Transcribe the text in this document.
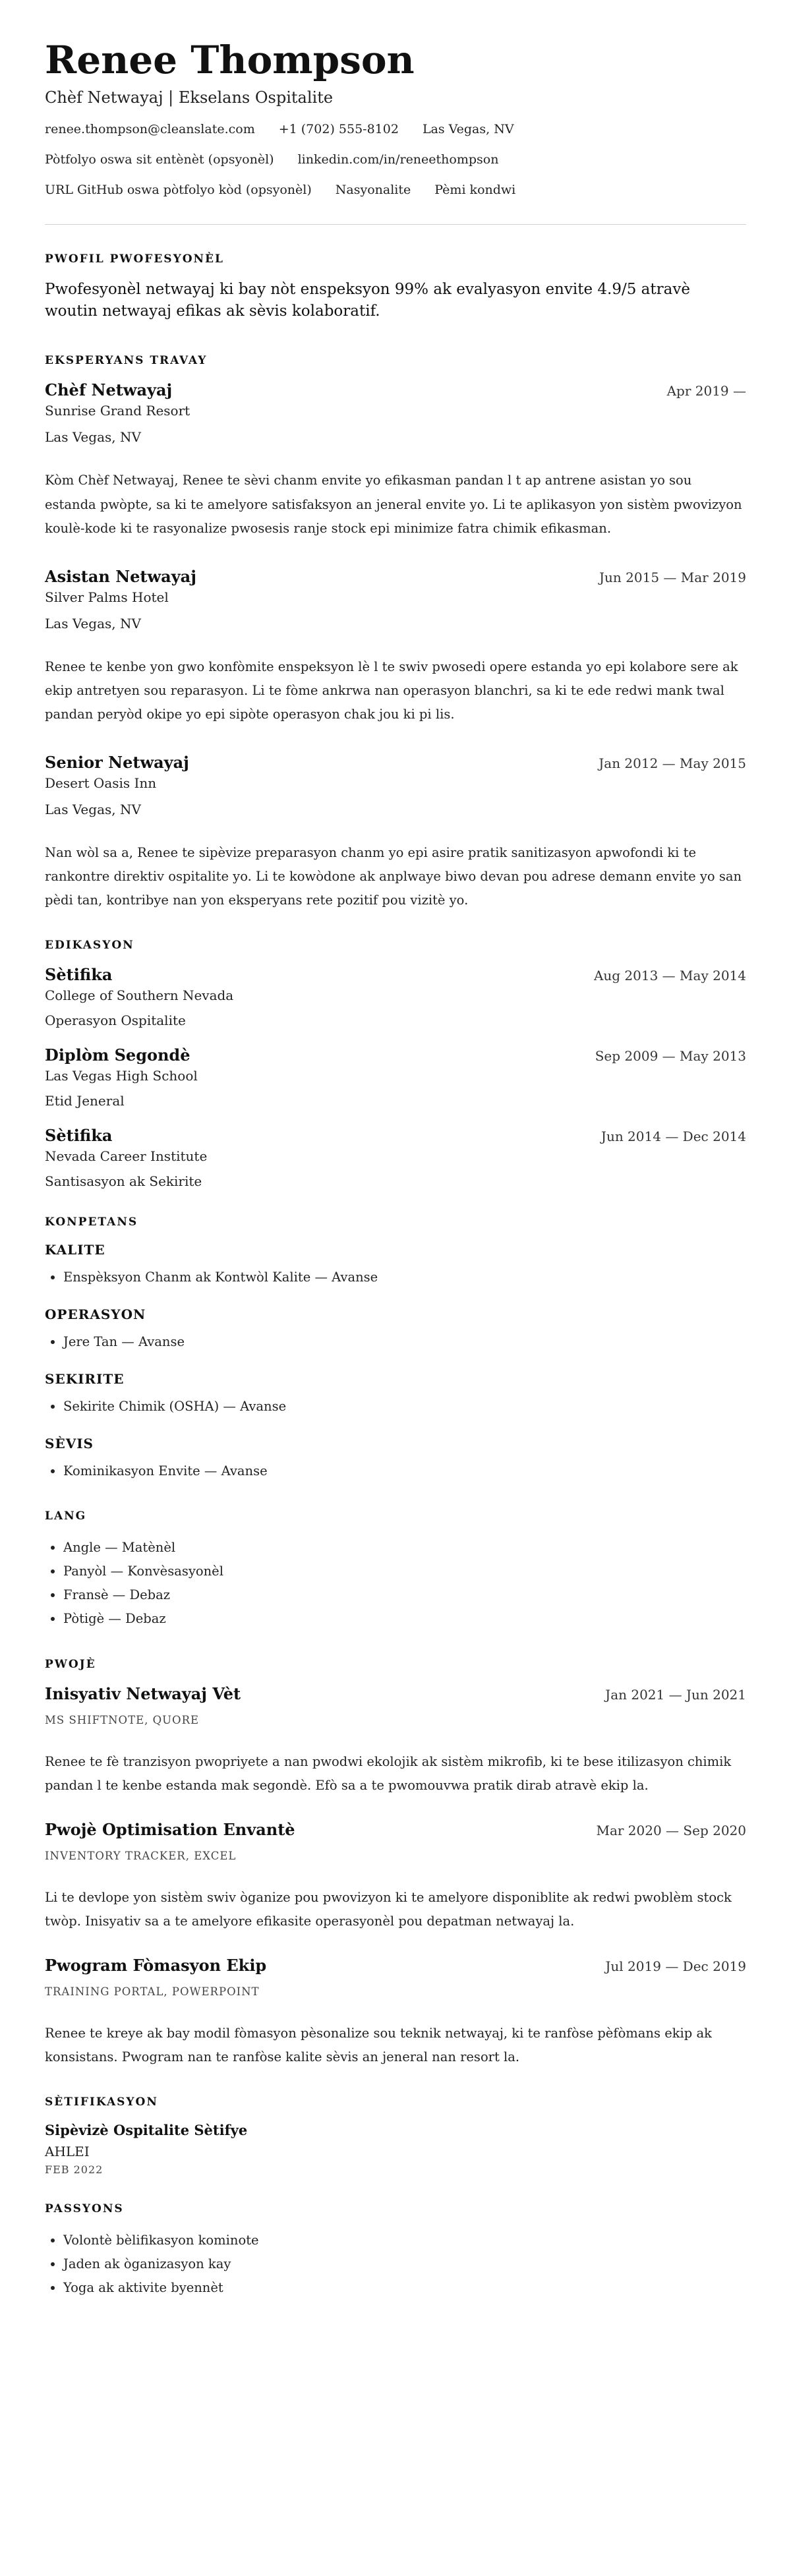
Renee Thompson
Chèf Netwayaj | Ekselans Ospitalite
renee.thompson@cleanslate.com +1 (702) 555-8102 Las Vegas, NV
Pòtfolyo oswa sit entènèt (opsyonèl) linkedin.com/in/reneethompson
URL GitHub oswa pòtfolyo kòd (opsyonèl) Nasyonalite Pèmi kondwi
PWOFIL PWOFESYONÈL

Pwofesyonèl netwayaj ki bay nòt enspeksyon 99% ak evalyasyon envite 4.9/5 atravè woutin netwayaj efikas ak sèvis kolaboratif.

EKSPERYANS TRAVAY
Chèf Netwayaj	Apr 2019 —
Sunrise Grand Resort
Las Vegas, NV
Kòm Chèf Netwayaj, Renee te sèvi chanm envite yo efikasman pandan l t ap antrene asistan yo sou estanda pwòpte, sa ki te amelyore satisfaksyon an jeneral envite yo. Li te aplikasyon yon sistèm pwovizyon koulè-kode ki te rasyonalize pwosesis ranje stock epi minimize fatra chimik efikasman.
Asistan Netwayaj	Jun 2015 — Mar 2019
Silver Palms Hotel
Las Vegas, NV
Renee te kenbe yon gwo konfòmite enspeksyon lè l te swiv pwosedi opere estanda yo epi kolabore sere ak ekip antretyen sou reparasyon. Li te fòme ankrwa nan operasyon blanchri, sa ki te ede redwi mank twal pandan peryòd okipe yo epi sipòte operasyon chak jou ki pi lis.
Senior Netwayaj	Jan 2012 — May 2015
Desert Oasis Inn
Las Vegas, NV
Nan wòl sa a, Renee te sipèvize preparasyon chanm yo epi asire pratik sanitizasyon apwofondi ki te rankontre direktiv ospitalite yo. Li te kowòdone ak anplwaye biwo devan pou adrese demann envite yo san pèdi tan, kontribye nan yon eksperyans rete pozitif pou vizitè yo.
EDIKASYON
Sètifika	Aug 2013 — May 2014
College of Southern Nevada
Operasyon Ospitalite
Diplòm Segondè	Sep 2009 — May 2013
Las Vegas High School
Etid Jeneral
Sètifika	Jun 2014 — Dec 2014
Nevada Career Institute
Santisasyon ak Sekirite
KONPETANS
KALITE
• Enspèksyon Chanm ak Kontwòl Kalite — Avanse
OPERASYON
• Jere Tan — Avanse
SEKIRITE
• Sekirite Chimik (OSHA) — Avanse
SÈVIS
• Kominikasyon Envite — Avanse
LANG
• Angle — Matènèl
• Panyòl — Konvèsasyonèl
• Fransè — Debaz
• Pòtigè — Debaz
PWOJÈ
Inisyativ Netwayaj Vèt	Jan 2021 — Jun 2021
MS SHIFTNOTE, QUORE
Renee te fè tranzisyon pwopriyete a nan pwodwi ekolojik ak sistèm mikrofib, ki te bese itilizasyon chimik pandan l te kenbe estanda mak segondè. Efò sa a te pwomouvwa pratik dirab atravè ekip la.
Pwojè Optimisation Envantè	Mar 2020 — Sep 2020
INVENTORY TRACKER, EXCEL
Li te devlope yon sistèm swiv òganize pou pwovizyon ki te amelyore disponiblite ak redwi pwoblèm stock twòp. Inisyativ sa a te amelyore efikasite operasyonèl pou depatman netwayaj la.
Pwogram Fòmasyon Ekip	Jul 2019 — Dec 2019
TRAINING PORTAL, POWERPOINT
Renee te kreye ak bay modil fòmasyon pèsonalize sou teknik netwayaj, ki te ranfòse pèfòmans ekip ak konsistans. Pwogram nan te ranfòse kalite sèvis an jeneral nan resort la.
SÈTIFIKASYON
Sipèvizè Ospitalite Sètifye
AHLEI
FEB 2022
PASSYONS
• Volontè bèlifikasyon kominote
• Jaden ak òganizasyon kay
• Yoga ak aktivite byennèt
